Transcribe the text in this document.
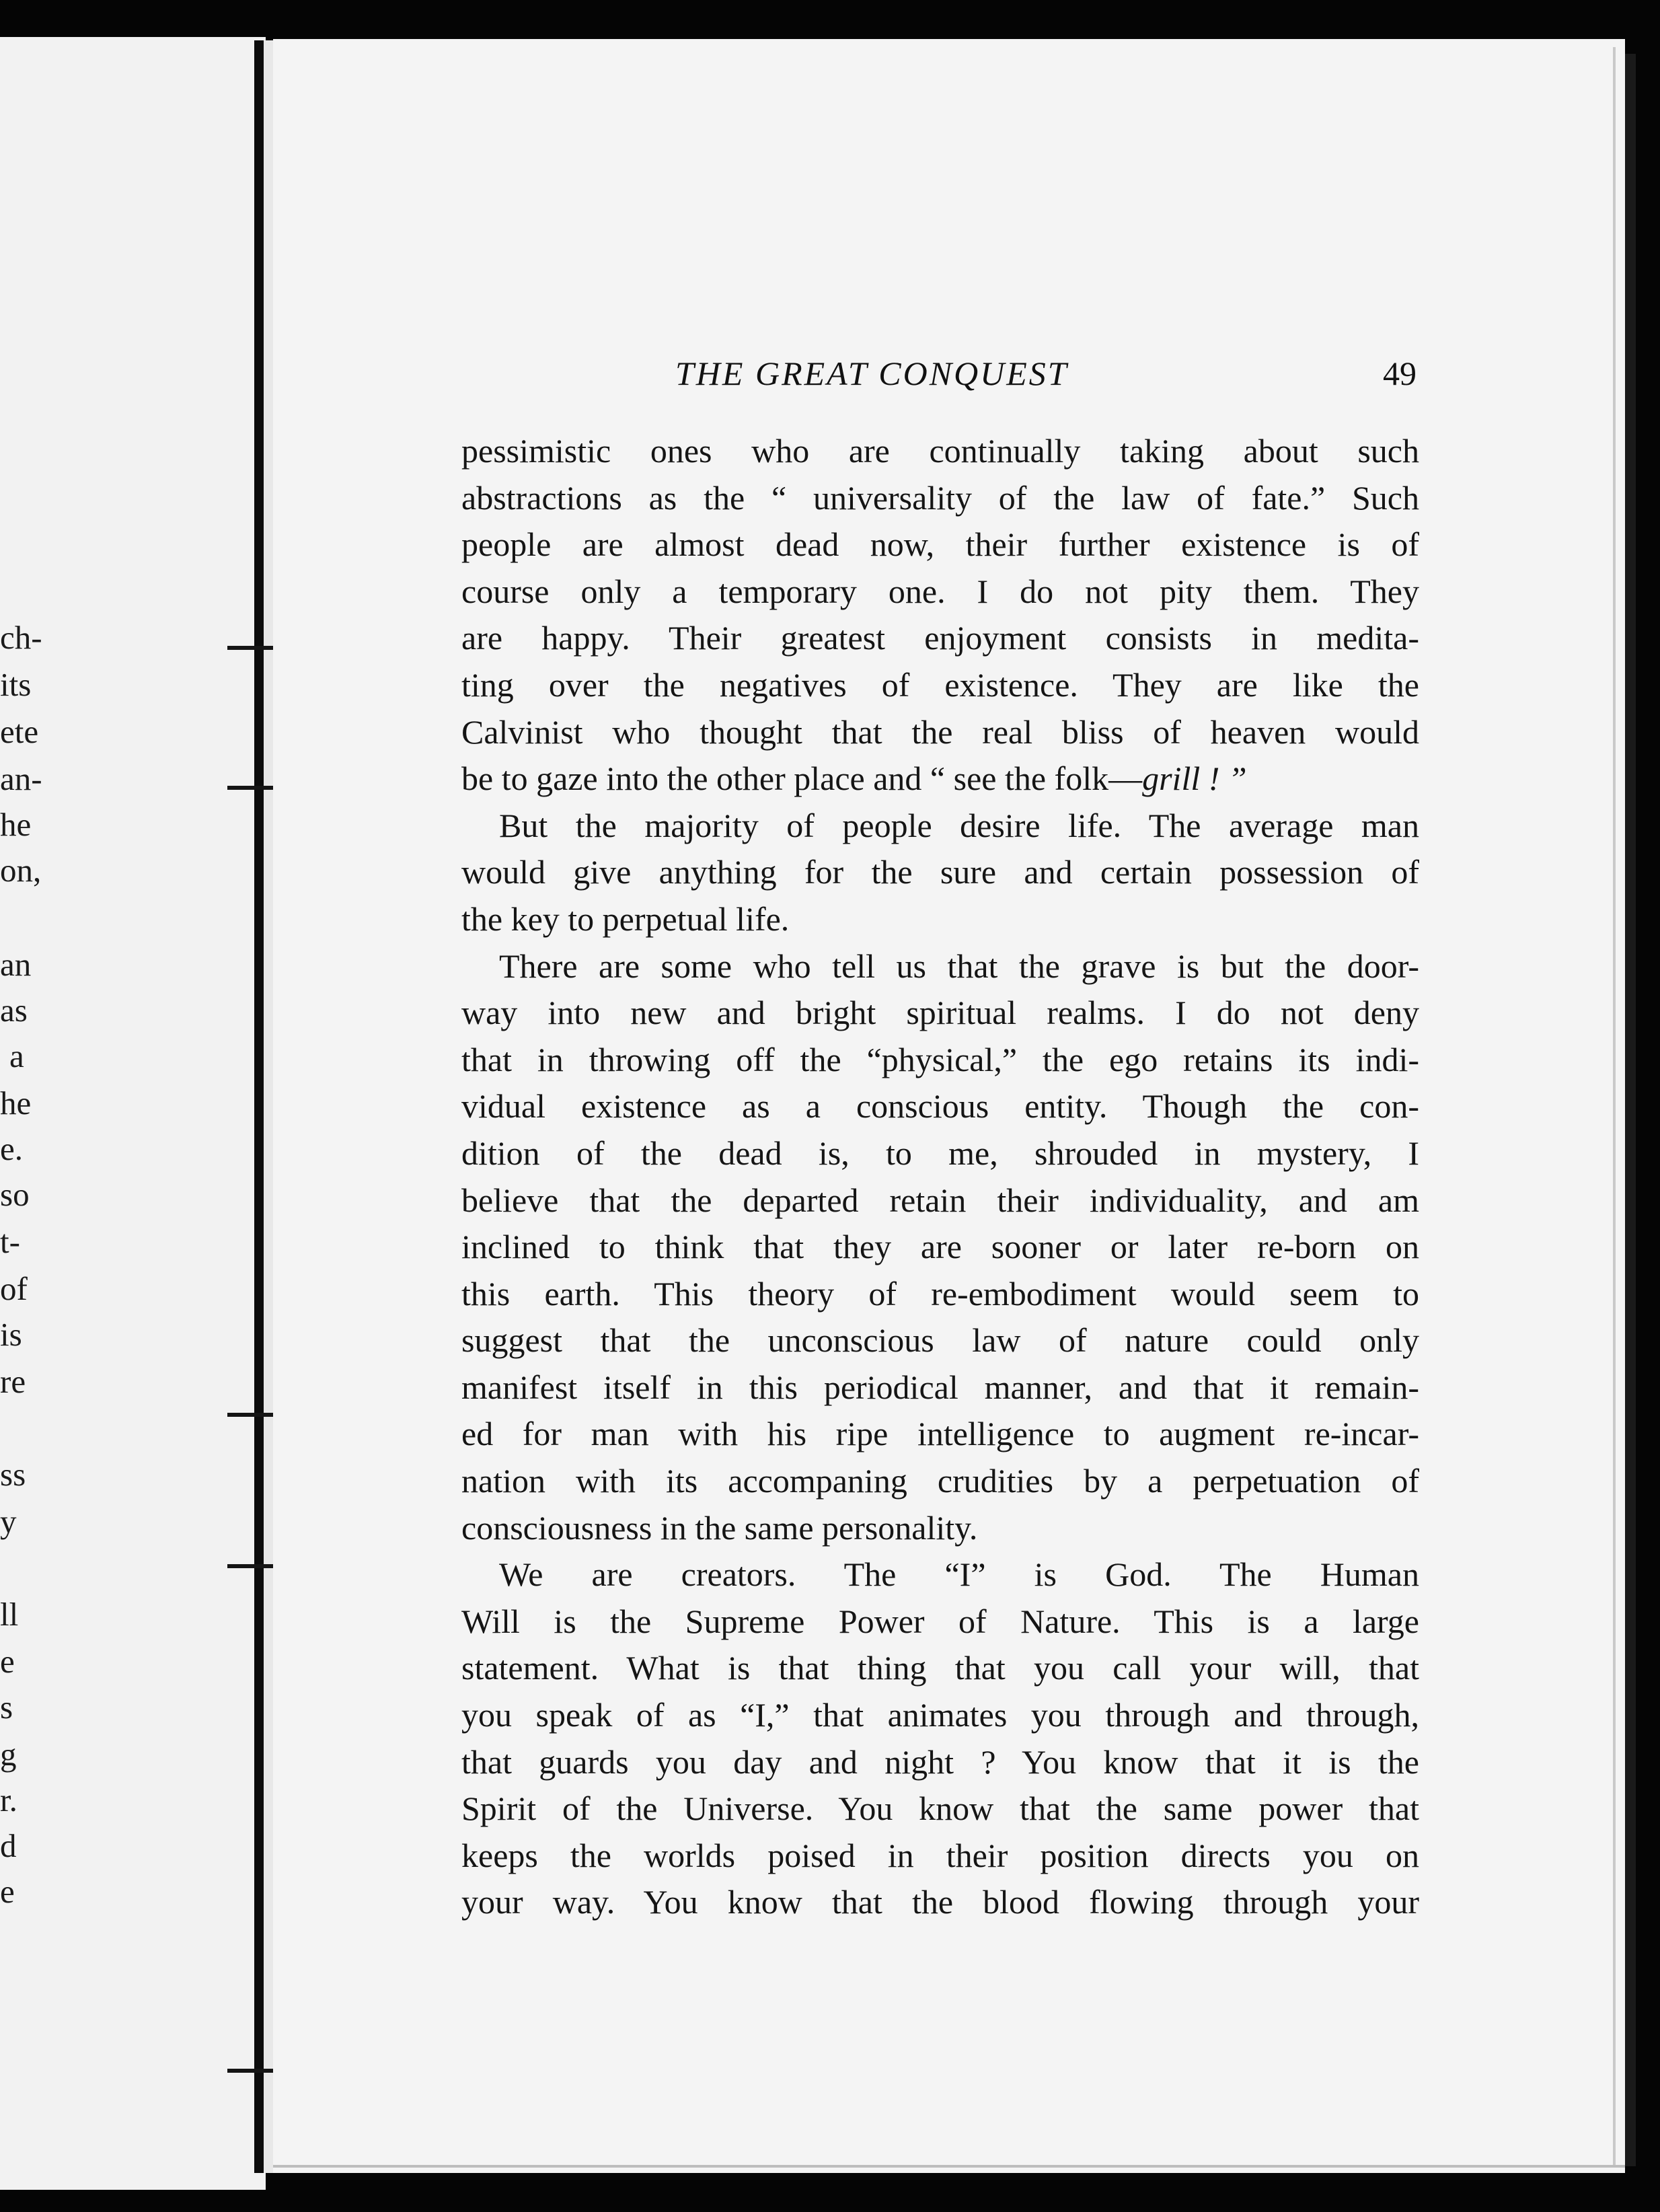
ch-
its
ete
an-
he
on,
an
as
a
he
e.
so
t-
of
is
re
ss
y
ll
e
s
g
r.
d
e
THE GREAT CONQUEST	49
pessimistic ones who are continually taking about such
abstractions as the “ universality of the law of fate.” Such
people are almost dead now, their further existence is of
course only a temporary one. I do not pity them. They
are happy. Their greatest enjoyment consists in medita-
ting over the negatives of existence. They are like the
Calvinist who thought that the real bliss of heaven would
be to gaze into the other place and “ see the folk—grill ! ”
But the majority of people desire life. The average man
would give anything for the sure and certain possession of
the key to perpetual life.
There are some who tell us that the grave is but the door-
way into new and bright spiritual realms. I do not deny
that in throwing off the “physical,” the ego retains its indi-
vidual existence as a conscious entity. Though the con-
dition of the dead is, to me, shrouded in mystery, I
believe that the departed retain their individuality, and am
inclined to think that they are sooner or later re-born on
this earth. This theory of re-embodiment would seem to
suggest that the unconscious law of nature could only
manifest itself in this periodical manner, and that it remain-
ed for man with his ripe intelligence to augment re-incar-
nation with its accompaning crudities by a perpetuation of
consciousness in the same personality.
We are creators. The “I” is God. The Human
Will is the Supreme Power of Nature. This is a large
statement. What is that thing that you call your will, that
you speak of as “I,” that animates you through and through,
that guards you day and night ? You know that it is the
Spirit of the Universe. You know that the same power that
keeps the worlds poised in their position directs you on
your way. You know that the blood flowing through your
